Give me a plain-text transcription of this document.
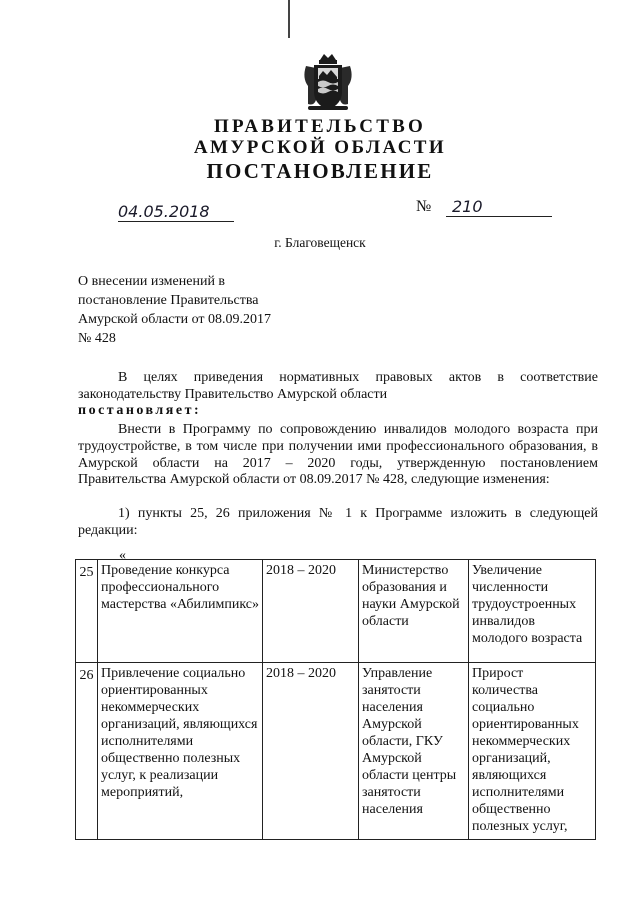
ПРАВИТЕЛЬСТВО
АМУРСКОЙ ОБЛАСТИ
ПОСТАНОВЛЕНИЕ
04.05.2018	№	210
г. Благовещенск
О внесении изменений в
постановление Правительства
Амурской области от 08.09.2017
№ 428
В целях приведения нормативных правовых актов в соответствие законодательству Правительство Амурской области
постановляет:
Внести в Программу по сопровождению инвалидов молодого возраста при трудоустройстве, в том числе при получении ими профессионального образования, в Амурской области на 2017 – 2020 годы, утвержденную постановлением Правительства Амурской области от 08.09.2017 № 428, следующие изменения:
1) пункты 25, 26 приложения № 1 к Программе изложить в следующей редакции:
«
25	Проведение конкурса профессионального мастерства «Абилимпикс»	2018 – 2020	Министерство образования и науки Амурской области	Увеличение численности трудоустроенных инвалидов молодого возраста
26	Привлечение социально ориентированных некоммерческих организаций, являющихся исполнителями общественно полезных услуг, к реализации мероприятий,	2018 – 2020	Управление занятости населения Амурской области, ГКУ Амурской области центры занятости населения	Прирост количества социально ориентированных некоммерческих организаций, являющихся исполнителями общественно полезных услуг,
